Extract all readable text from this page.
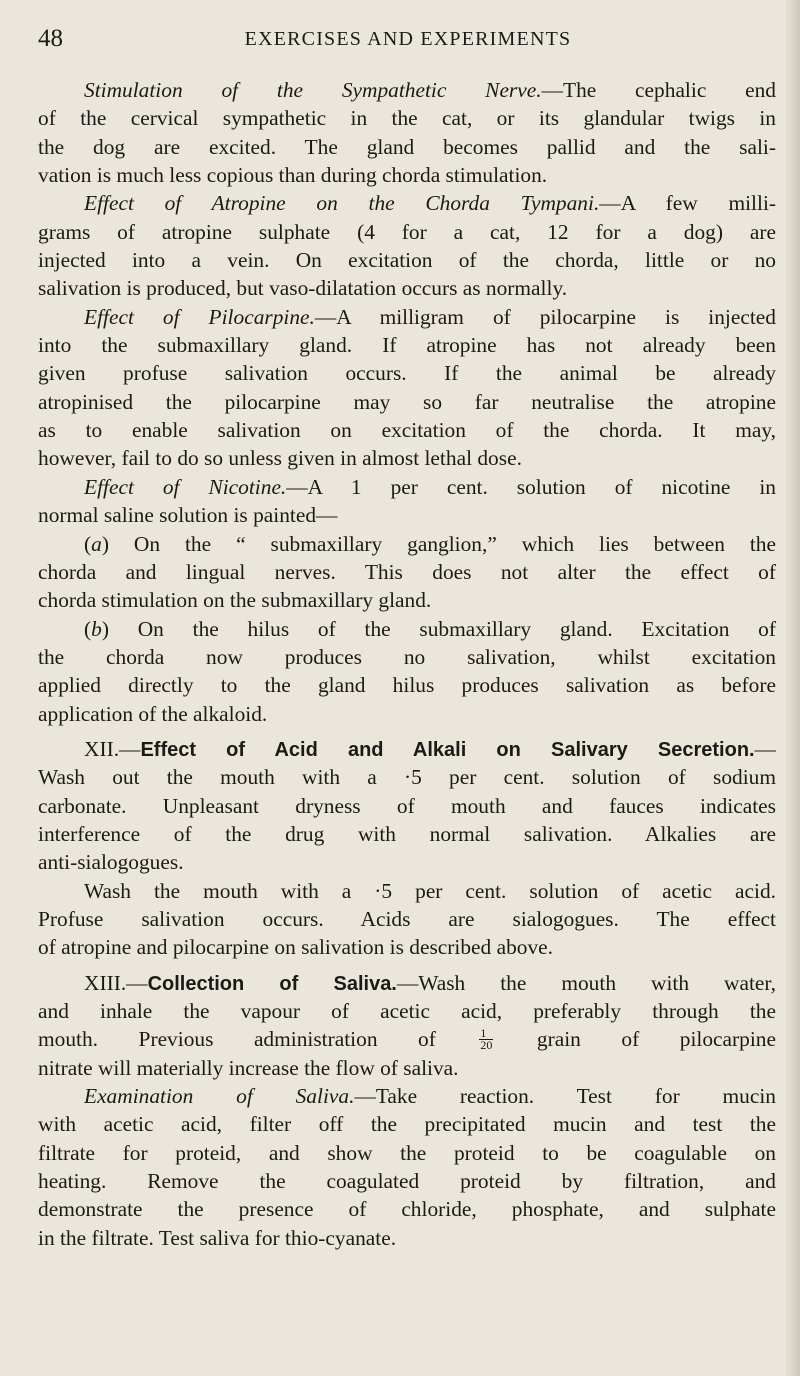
48	EXERCISES AND EXPERIMENTS
Stimulation of the Sympathetic Nerve.—The cephalic end
of the cervical sympathetic in the cat, or its glandular twigs in
the dog are excited. The gland becomes pallid and the sali-
vation is much less copious than during chorda stimulation.
Effect of Atropine on the Chorda Tympani.—A few milli-
grams of atropine sulphate (4 for a cat, 12 for a dog) are
injected into a vein. On excitation of the chorda, little or no
salivation is produced, but vaso-dilatation occurs as normally.
Effect of Pilocarpine.—A milligram of pilocarpine is injected
into the submaxillary gland. If atropine has not already been
given profuse salivation occurs. If the animal be already
atropinised the pilocarpine may so far neutralise the atropine
as to enable salivation on excitation of the chorda. It may,
however, fail to do so unless given in almost lethal dose.
Effect of Nicotine.—A 1 per cent. solution of nicotine in
normal saline solution is painted—
(a) On the “ submaxillary ganglion,” which lies between the
chorda and lingual nerves. This does not alter the effect of
chorda stimulation on the submaxillary gland.
(b) On the hilus of the submaxillary gland. Excitation of
the chorda now produces no salivation, whilst excitation
applied directly to the gland hilus produces salivation as before
application of the alkaloid.
XII.—Effect of Acid and Alkali on Salivary Secretion.—
Wash out the mouth with a ·5 per cent. solution of sodium
carbonate. Unpleasant dryness of mouth and fauces indicates
interference of the drug with normal salivation. Alkalies are
anti-sialogogues.
Wash the mouth with a ·5 per cent. solution of acetic acid.
Profuse salivation occurs. Acids are sialogogues. The effect
of atropine and pilocarpine on salivation is described above.
XIII.—Collection of Saliva.—Wash the mouth with water,
and inhale the vapour of acetic acid, preferably through the
mouth. Previous administration of	$\frac{1}{20}$ grain of pilocarpine
nitrate will materially increase the flow of saliva.
Examination of Saliva.—Take reaction. Test for mucin
with acetic acid, filter off the precipitated mucin and test the
filtrate for proteid, and show the proteid to be coagulable on
heating. Remove the coagulated proteid by filtration, and
demonstrate the presence of chloride, phosphate, and sulphate
in the filtrate. Test saliva for thio-cyanate.
